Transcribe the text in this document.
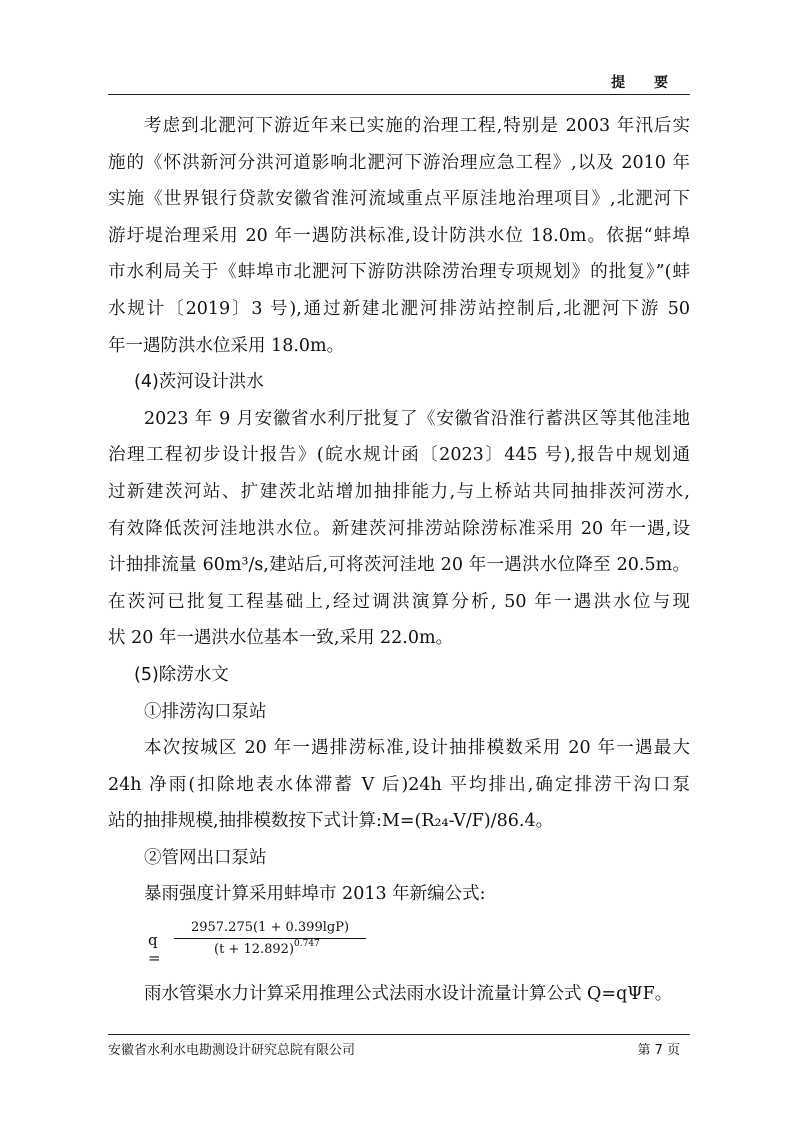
提 要
考虑到北淝河下游近年来已实施的治理工程,特别是 2003 年汛后实
施的《怀洪新河分洪河道影响北淝河下游治理应急工程》,以及 2010 年
实施《世界银行贷款安徽省淮河流域重点平原洼地治理项目》,北淝河下
游圩堤治理采用 20 年一遇防洪标准,设计防洪水位 18.0m。依据“蚌埠
市水利局关于《蚌埠市北淝河下游防洪除涝治理专项规划》的批复》”(蚌
水规计〔2019〕3 号),通过新建北淝河排涝站控制后,北淝河下游 50
年一遇防洪水位采用 18.0m。
(4)茨河设计洪水
2023 年 9 月安徽省水利厅批复了《安徽省沿淮行蓄洪区等其他洼地
治理工程初步设计报告》(皖水规计函〔2023〕445 号),报告中规划通
过新建茨河站、扩建茨北站增加抽排能力,与上桥站共同抽排茨河涝水,
有效降低茨河洼地洪水位。新建茨河排涝站除涝标准采用 20 年一遇,设
计抽排流量 60m³/s,建站后,可将茨河洼地 20 年一遇洪水位降至 20.5m。
在茨河已批复工程基础上,经过调洪演算分析, 50 年一遇洪水位与现
状 20 年一遇洪水位基本一致,采用 22.0m。
(5)除涝水文
①排涝沟口泵站
本次按城区 20 年一遇排涝标准,设计抽排模数采用 20 年一遇最大
24h 净雨(扣除地表水体滞蓄 V 后)24h 平均排出,确定排涝干沟口泵
站的抽排规模,抽排模数按下式计算:M=(R₂₄-V/F)/86.4。
②管网出口泵站
暴雨强度计算采用蚌埠市 2013 年新编公式:
q =
2957.275(1 + 0.399lgP)
(t + 12.892) 0.747
雨水管渠水力计算采用推理公式法雨水设计流量计算公式 Q=qΨF。
安徽省水利水电勘测设计研究总院有限公司	第 7 页
